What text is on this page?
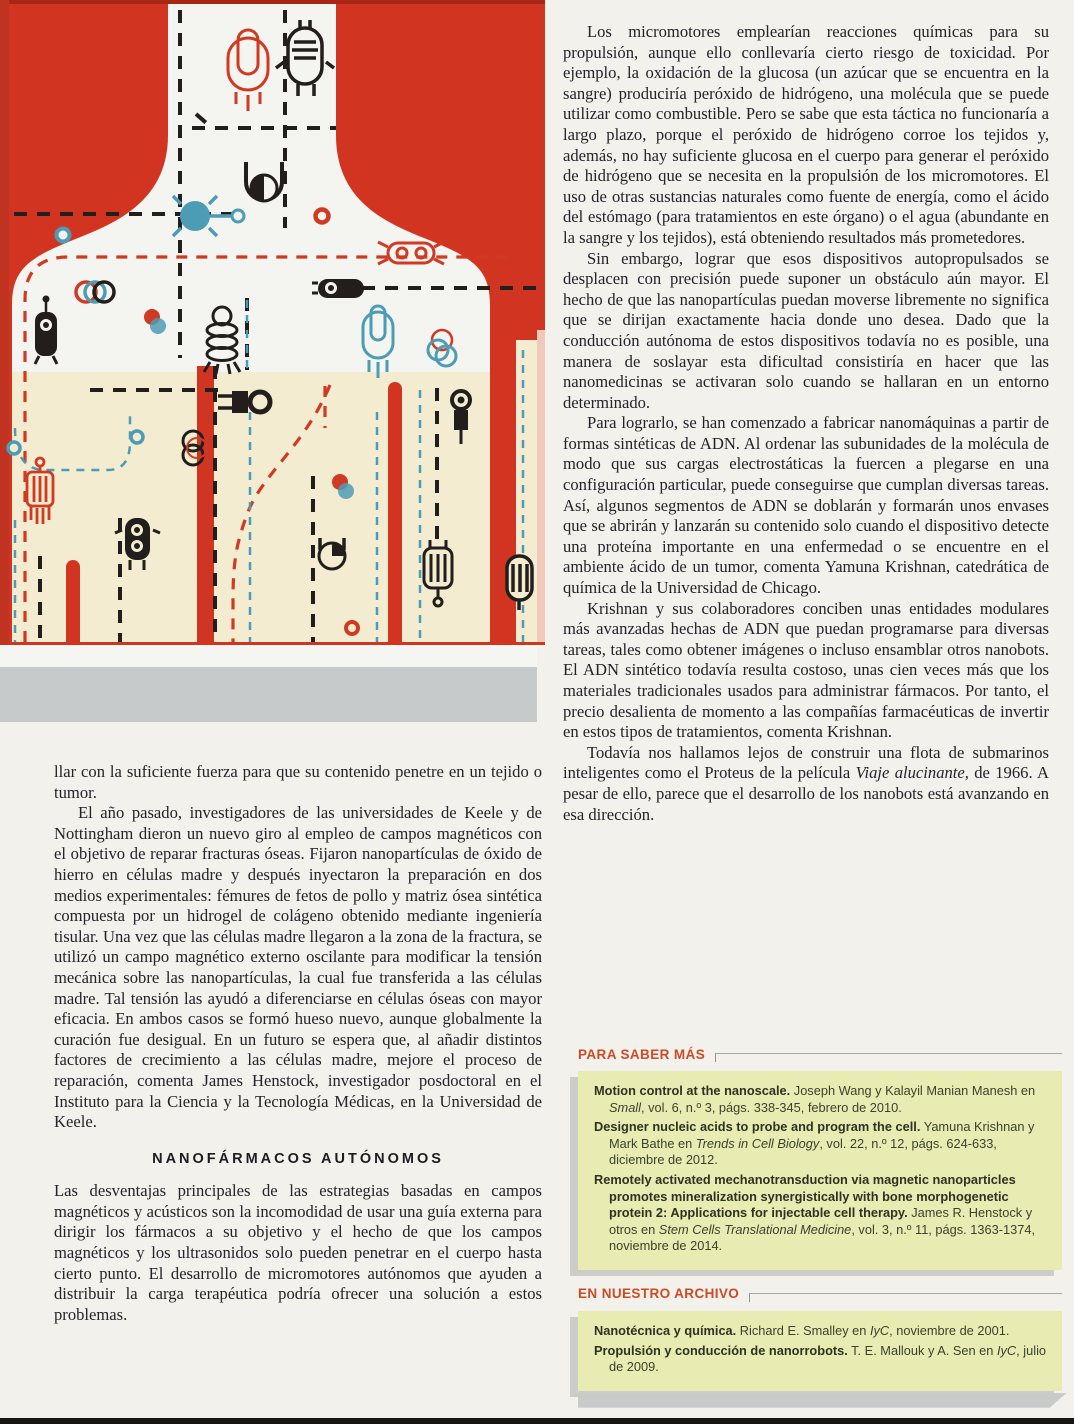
Los micromotores emplearían reacciones químicas para su propulsión, aunque ello conllevaría cierto riesgo de toxicidad. Por ejemplo, la oxidación de la glucosa (un azúcar que se encuentra en la sangre) produciría peróxido de hidrógeno, una molécula que se puede utilizar como combustible. Pero se sabe que esta táctica no funcionaría a largo plazo, porque el peróxido de hidrógeno corroe los tejidos y, además, no hay suficiente glucosa en el cuerpo para generar el peróxido de hidrógeno que se necesita en la propulsión de los micromotores. El uso de otras sustancias naturales como fuente de energía, como el ácido del estómago (para tratamientos en este órgano) o el agua (abundante en la sangre y los tejidos), está obteniendo resultados más prometedores.

Sin embargo, lograr que esos dispositivos autopropulsados se desplacen con precisión puede suponer un obstáculo aún mayor. El hecho de que las nanopartículas puedan moverse libremente no significa que se dirijan exactamente hacia donde uno desea. Dado que la conducción autónoma de estos dispositivos todavía no es posible, una manera de soslayar esta dificultad consistiría en hacer que las nanomedicinas se activaran solo cuando se hallaran en un entorno determinado.

Para lograrlo, se han comenzado a fabricar nanomáquinas a partir de formas sintéticas de ADN. Al ordenar las subunidades de la molécula de modo que sus cargas electrostáticas la fuercen a plegarse en una configuración particular, puede conseguirse que cumplan diversas tareas. Así, algunos segmentos de ADN se doblarán y formarán unos envases que se abrirán y lanzarán su contenido solo cuando el dispositivo detecte una proteína importante en una enfermedad o se encuentre en el ambiente ácido de un tumor, comenta Yamuna Krishnan, catedrática de química de la Universidad de Chicago.

Krishnan y sus colaboradores conciben unas entidades modulares más avanzadas hechas de ADN que puedan programarse para diversas tareas, tales como obtener imágenes o incluso ensamblar otros nanobots. El ADN sintético todavía resulta costoso, unas cien veces más que los materiales tradicionales usados para administrar fármacos. Por tanto, el precio desalienta de momento a las compañías farmacéuticas de invertir en estos tipos de tratamientos, comenta Krishnan.

Todavía nos hallamos lejos de construir una flota de submarinos inteligentes como el Proteus de la película Viaje alucinante, de 1966. A pesar de ello, parece que el desarrollo de los nanobots está avanzando en esa dirección.

llar con la suficiente fuerza para que su contenido penetre en un tejido o tumor.

El año pasado, investigadores de las universidades de Keele y de Nottingham dieron un nuevo giro al empleo de campos magnéticos con el objetivo de reparar fracturas óseas. Fijaron nanopartículas de óxido de hierro en células madre y después inyectaron la preparación en dos medios experimentales: fémures de fetos de pollo y matriz ósea sintética compuesta por un hidrogel de colágeno obtenido mediante ingeniería tisular. Una vez que las células madre llegaron a la zona de la fractura, se utilizó un campo magnético externo oscilante para modificar la tensión mecánica sobre las nanopartículas, la cual fue transferida a las células madre. Tal tensión las ayudó a diferenciarse en células óseas con mayor eficacia. En ambos casos se formó hueso nuevo, aunque globalmente la curación fue desigual. En un futuro se espera que, al añadir distintos factores de crecimiento a las células madre, mejore el proceso de reparación, comenta James Henstock, investigador posdoctoral en el Instituto para la Ciencia y la Tecnología Médicas, en la Universidad de Keele.

NANOFÁRMACOS AUTÓNOMOS

Las desventajas principales de las estrategias basadas en campos magnéticos y acústicos son la incomodidad de usar una guía externa para dirigir los fármacos a su objetivo y el hecho de que los campos magnéticos y los ultrasonidos solo pueden penetrar en el cuerpo hasta cierto punto. El desarrollo de micromotores autónomos que ayuden a distribuir la carga terapéutica podría ofrecer una solución a estos problemas.

PARA SABER MÁS

Motion control at the nanoscale. Joseph Wang y Kalayil Manian Manesh en Small, vol. 6, n.º 3, págs. 338-345, febrero de 2010.

Designer nucleic acids to probe and program the cell. Yamuna Krishnan y Mark Bathe en Trends in Cell Biology, vol. 22, n.º 12, págs. 624-633, diciembre de 2012.

Remotely activated mechanotransduction via magnetic nanoparticles promotes mineralization synergistically with bone morphogenetic protein 2: Applications for injectable cell therapy. James R. Henstock y otros en Stem Cells Translational Medicine, vol. 3, n.º 11, págs. 1363-1374, noviembre de 2014.

EN NUESTRO ARCHIVO

Nanotécnica y química. Richard E. Smalley en IyC, noviembre de 2001.

Propulsión y conducción de nanorrobots. T. E. Mallouk y A. Sen en IyC, julio de 2009.
